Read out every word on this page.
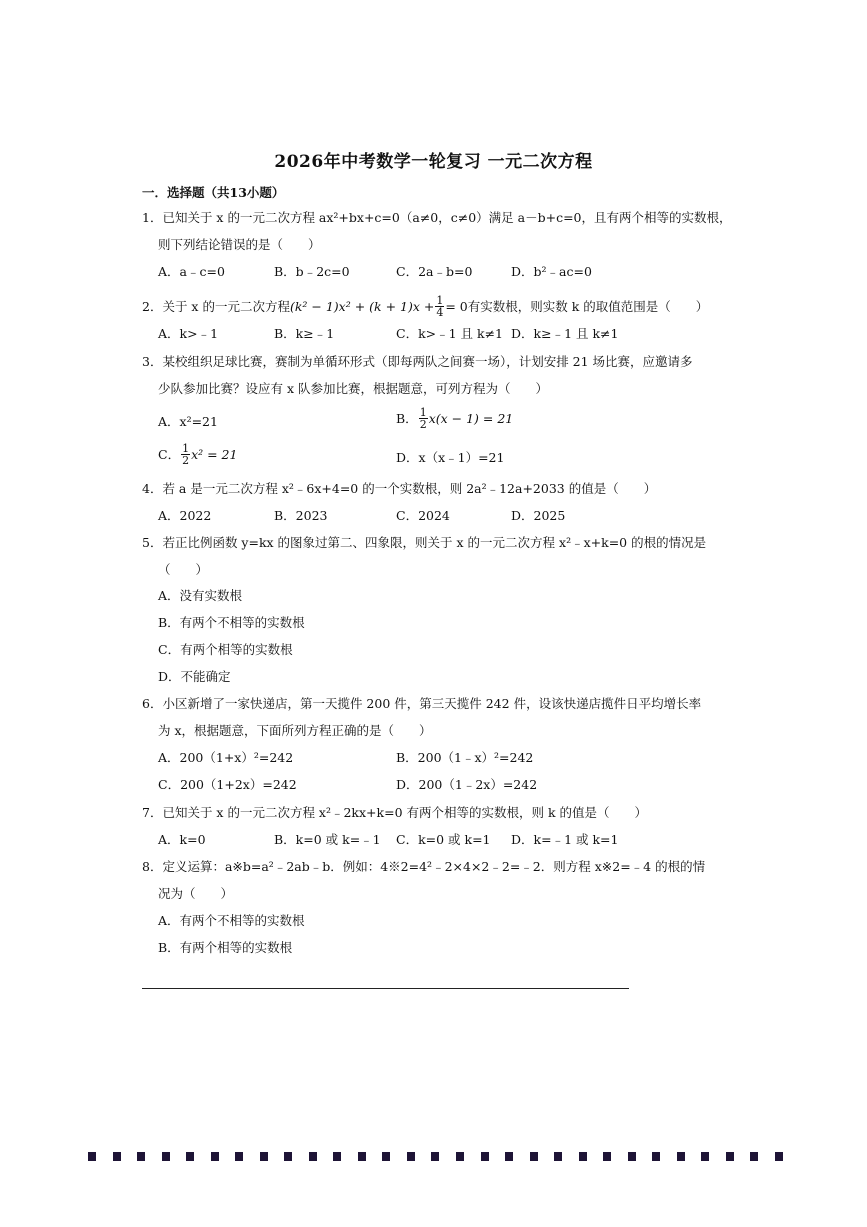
2026年中考数学一轮复习 一元二次方程
一．选择题（共13小题）
1．已知关于 x 的一元二次方程 ax²+bx+c=0（a≠0，c≠0）满足 a－b+c=0，且有两个相等的实数根，
则下列结论错误的是（　　）
A．a﹣c=0	B．b﹣2c=0	C．2a﹣b=0	D．b²﹣ac=0
2．关于 x 的一元二次方程 $(k^2 - 1)x^2 + (k + 1)x + \frac{1}{4} = 0$ 有实数根，则实数 k 的取值范围是（　　）
A．k>﹣1	B．k≥﹣1	C．k>﹣1 且 k≠1 D．k≥﹣1 且 k≠1
3．某校组织足球比赛，赛制为单循环形式（即每两队之间赛一场），计划安排 21 场比赛，应邀请多
少队参加比赛？设应有 x 队参加比赛，根据题意，可列方程为（　　）
A．x²=21	B． $\frac{1}{2} x(x - 1) = 21$
C． $\frac{1}{2} x^2 = 21$	D．x（x﹣1）=21
4．若 a 是一元二次方程 x²﹣6x+4=0 的一个实数根，则 2a²﹣12a+2033 的值是（　　）
A．2022	B．2023	C．2024	D．2025
5．若正比例函数 y=kx 的图象过第二、四象限，则关于 x 的一元二次方程 x²﹣x+k=0 的根的情况是
（　　）
A．没有实数根
B．有两个不相等的实数根
C．有两个相等的实数根
D．不能确定
6．小区新增了一家快递店，第一天揽件 200 件，第三天揽件 242 件，设该快递店揽件日平均增长率
为 x，根据题意，下面所列方程正确的是（　　）
A．200（1+x）²=242	B．200（1﹣x）²=242
C．200（1+2x）=242	D．200（1﹣2x）=242
7．已知关于 x 的一元二次方程 x²﹣2kx+k=0 有两个相等的实数根，则 k 的值是（　　）
A．k=0	B．k=0 或 k=﹣1 C．k=0 或 k=1 D．k=﹣1 或 k=1
8．定义运算：a※b=a²﹣2ab﹣b．例如：4※2=4²﹣2×4×2﹣2=﹣2．则方程 x※2=﹣4 的根的情
况为（　　）
A．有两个不相等的实数根
B．有两个相等的实数根
